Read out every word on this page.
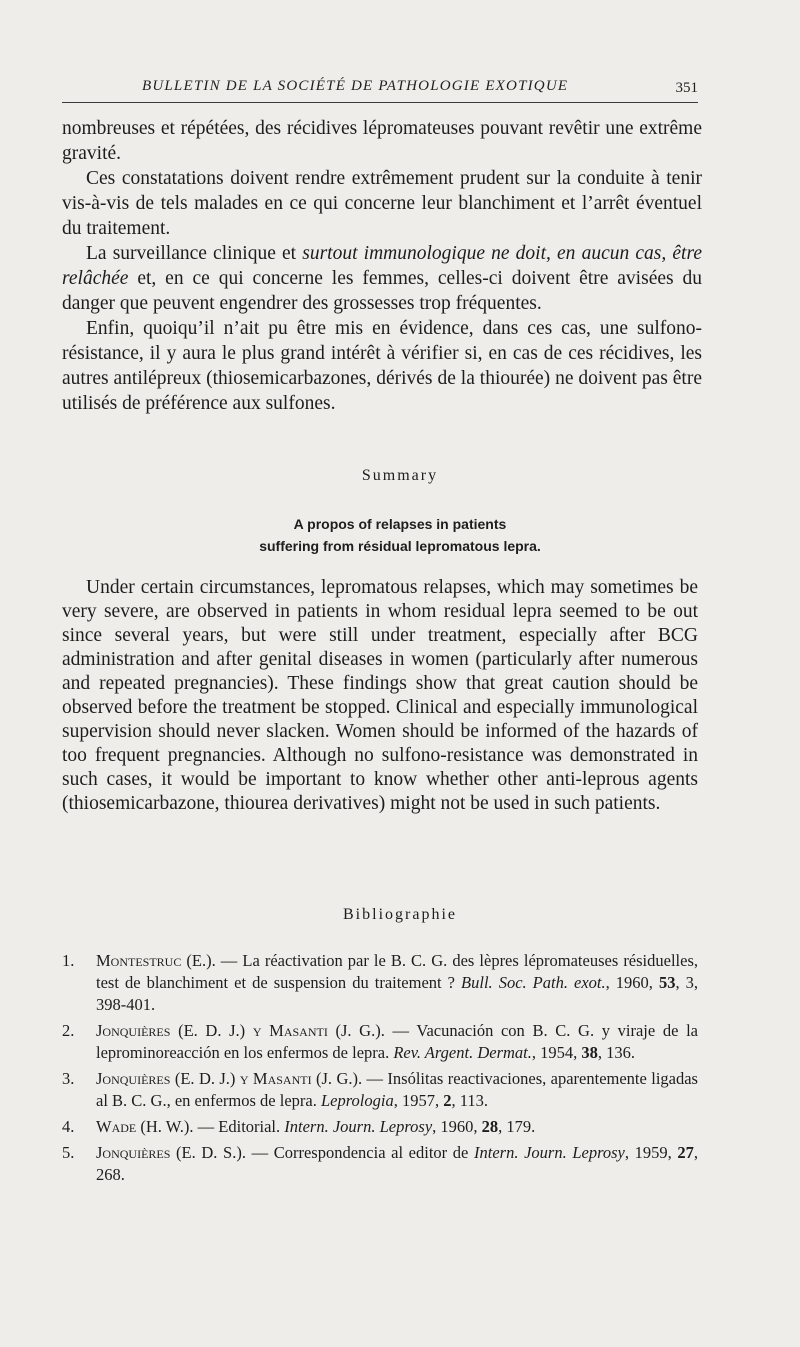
BULLETIN DE LA SOCIÉTÉ DE PATHOLOGIE EXOTIQUE	351

nombreuses et répétées, des récidives lépromateuses pouvant revêtir une extrême gravité.

Ces constatations doivent rendre extrêmement prudent sur la conduite à tenir vis-à-vis de tels malades en ce qui concerne leur blanchiment et l’arrêt éventuel du traitement.

La surveillance clinique et surtout immunologique ne doit, en aucun cas, être relâchée et, en ce qui concerne les femmes, celles-ci doivent être avisées du danger que peuvent engendrer des grossesses trop fréquentes.

Enfin, quoiqu’il n’ait pu être mis en évidence, dans ces cas, une sulfono-résistance, il y aura le plus grand intérêt à vérifier si, en cas de ces récidives, les autres antilépreux (thiosemicarbazones, dérivés de la thiourée) ne doivent pas être utilisés de préférence aux sulfones.

Summary
A propos of relapses in patients
suffering from résidual lepromatous lepra.

Under certain circumstances, lepromatous relapses, which may sometimes be very severe, are observed in patients in whom residual lepra seemed to be out since several years, but were still under treatment, especially after BCG administration and after genital diseases in women (particularly after numerous and repeated pregnancies). These findings show that great caution should be observed before the treatment be stopped. Clinical and especially immunological supervision should never slacken. Women should be informed of the hazards of too frequent pregnancies. Although no sulfono-resistance was demonstrated in such cases, it would be important to know whether other anti-leprous agents (thiosemicarbazone, thiourea derivatives) might not be used in such patients.

Bibliographie
1.	Montestruc (E.). — La réactivation par le B. C. G. des lèpres lépromateuses résiduelles, test de blanchiment et de suspension du traitement ? Bull. Soc. Path. exot., 1960, 53, 3, 398-401.
2.	Jonquières (E. D. J.) y Masanti (J. G.). — Vacunación con B. C. G. y viraje de la leprominoreacción en los enfermos de lepra. Rev. Argent. Dermat., 1954, 38, 136.
3.	Jonquières (E. D. J.) y Masanti (J. G.). — Insólitas reactivaciones, aparentemente ligadas al B. C. G., en enfermos de lepra. Leprologia, 1957, 2, 113.
4.	Wade (H. W.). — Editorial. Intern. Journ. Leprosy, 1960, 28, 179.
5.	Jonquières (E. D. S.). — Correspondencia al editor de Intern. Journ. Leprosy, 1959, 27, 268.
